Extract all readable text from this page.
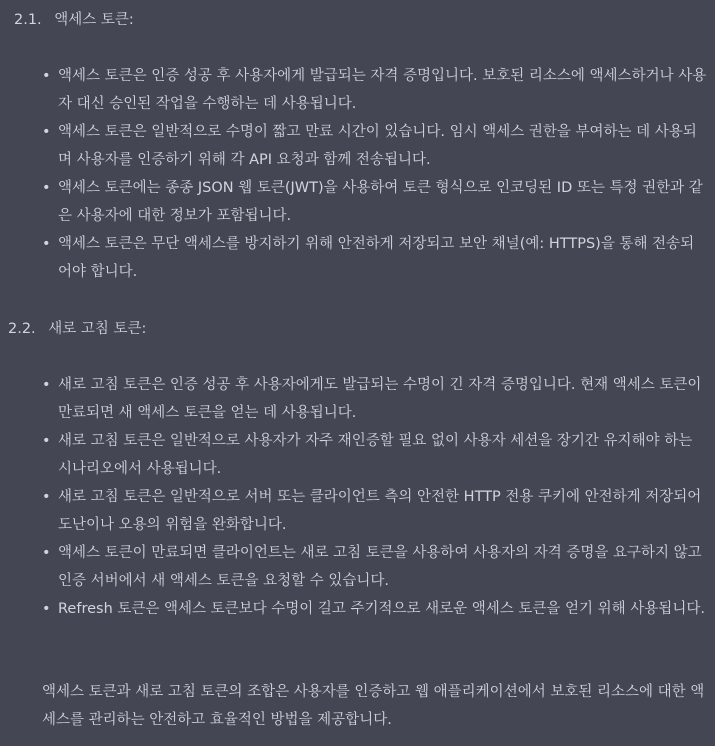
2.1. 액세스 토큰:
• 액세스 토큰은 인증 성공 후 사용자에게 발급되는 자격 증명입니다. 보호된 리소스에 액세스하거나 사용자 대신 승인된 작업을 수행하는 데 사용됩니다.
• 액세스 토큰은 일반적으로 수명이 짧고 만료 시간이 있습니다. 임시 액세스 권한을 부여하는 데 사용되며 사용자를 인증하기 위해 각 API 요청과 함께 전송됩니다.
• 액세스 토큰에는 종종 JSON 웹 토큰(JWT)을 사용하여 토큰 형식으로 인코딩된 ID 또는 특정 권한과 같은 사용자에 대한 정보가 포함됩니다.
• 액세스 토큰은 무단 액세스를 방지하기 위해 안전하게 저장되고 보안 채널(예: HTTPS)을 통해 전송되어야 합니다.
2.2. 새로 고침 토큰:
• 새로 고침 토큰은 인증 성공 후 사용자에게도 발급되는 수명이 긴 자격 증명입니다. 현재 액세스 토큰이 만료되면 새 액세스 토큰을 얻는 데 사용됩니다.
• 새로 고침 토큰은 일반적으로 사용자가 자주 재인증할 필요 없이 사용자 세션을 장기간 유지해야 하는 시나리오에서 사용됩니다.
• 새로 고침 토큰은 일반적으로 서버 또는 클라이언트 측의 안전한 HTTP 전용 쿠키에 안전하게 저장되어 도난이나 오용의 위험을 완화합니다.
• 액세스 토큰이 만료되면 클라이언트는 새로 고침 토큰을 사용하여 사용자의 자격 증명을 요구하지 않고 인증 서버에서 새 액세스 토큰을 요청할 수 있습니다.
• Refresh 토큰은 액세스 토큰보다 수명이 길고 주기적으로 새로운 액세스 토큰을 얻기 위해 사용됩니다.
액세스 토큰과 새로 고침 토큰의 조합은 사용자를 인증하고 웹 애플리케이션에서 보호된 리소스에 대한 액세스를 관리하는 안전하고 효율적인 방법을 제공합니다.
